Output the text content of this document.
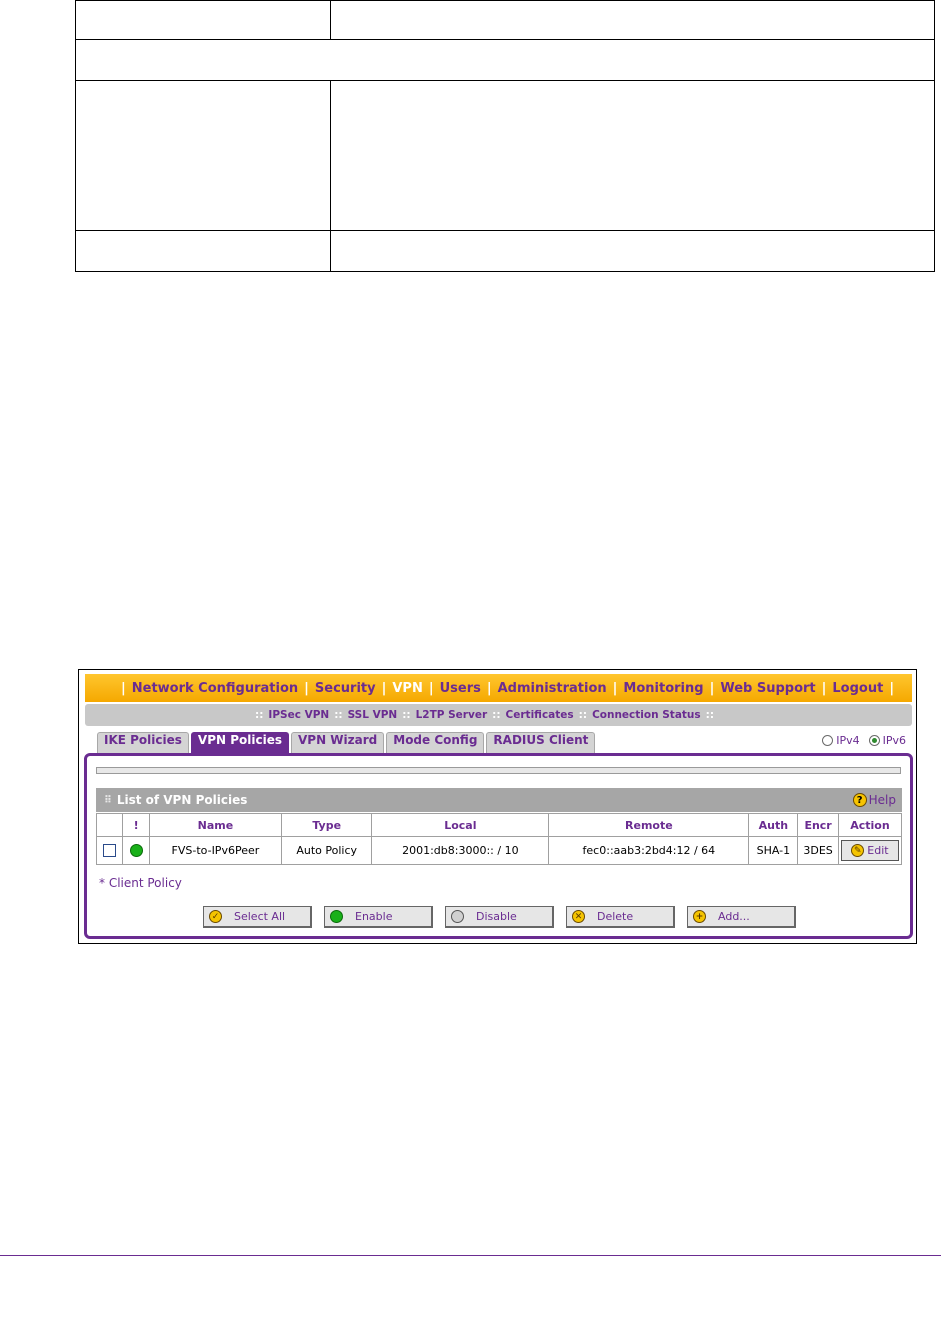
| Network Configuration | Security | VPN | Users | Administration | Monitoring | Web Support | Logout |
:: IPSec VPN :: SSL VPN :: L2TP Server :: Certificates :: Connection Status ::
IKE Policies	VPN Policies	VPN Wizard	Mode Config	RADIUS Client	IPv4 IPv6
⠿ List of VPN Policies	? Help
	!	Name	Type	Local	Remote	Auth	Encr	Action
		FVS-to-IPv6Peer	Auto Policy	2001:db8:3000:: / 10	fec0::aab3:2bd4:12 / 64	SHA-1	3DES	✎ Edit
* Client Policy
✓ Select All	Enable	Disable	✕ Delete	+ Add...
